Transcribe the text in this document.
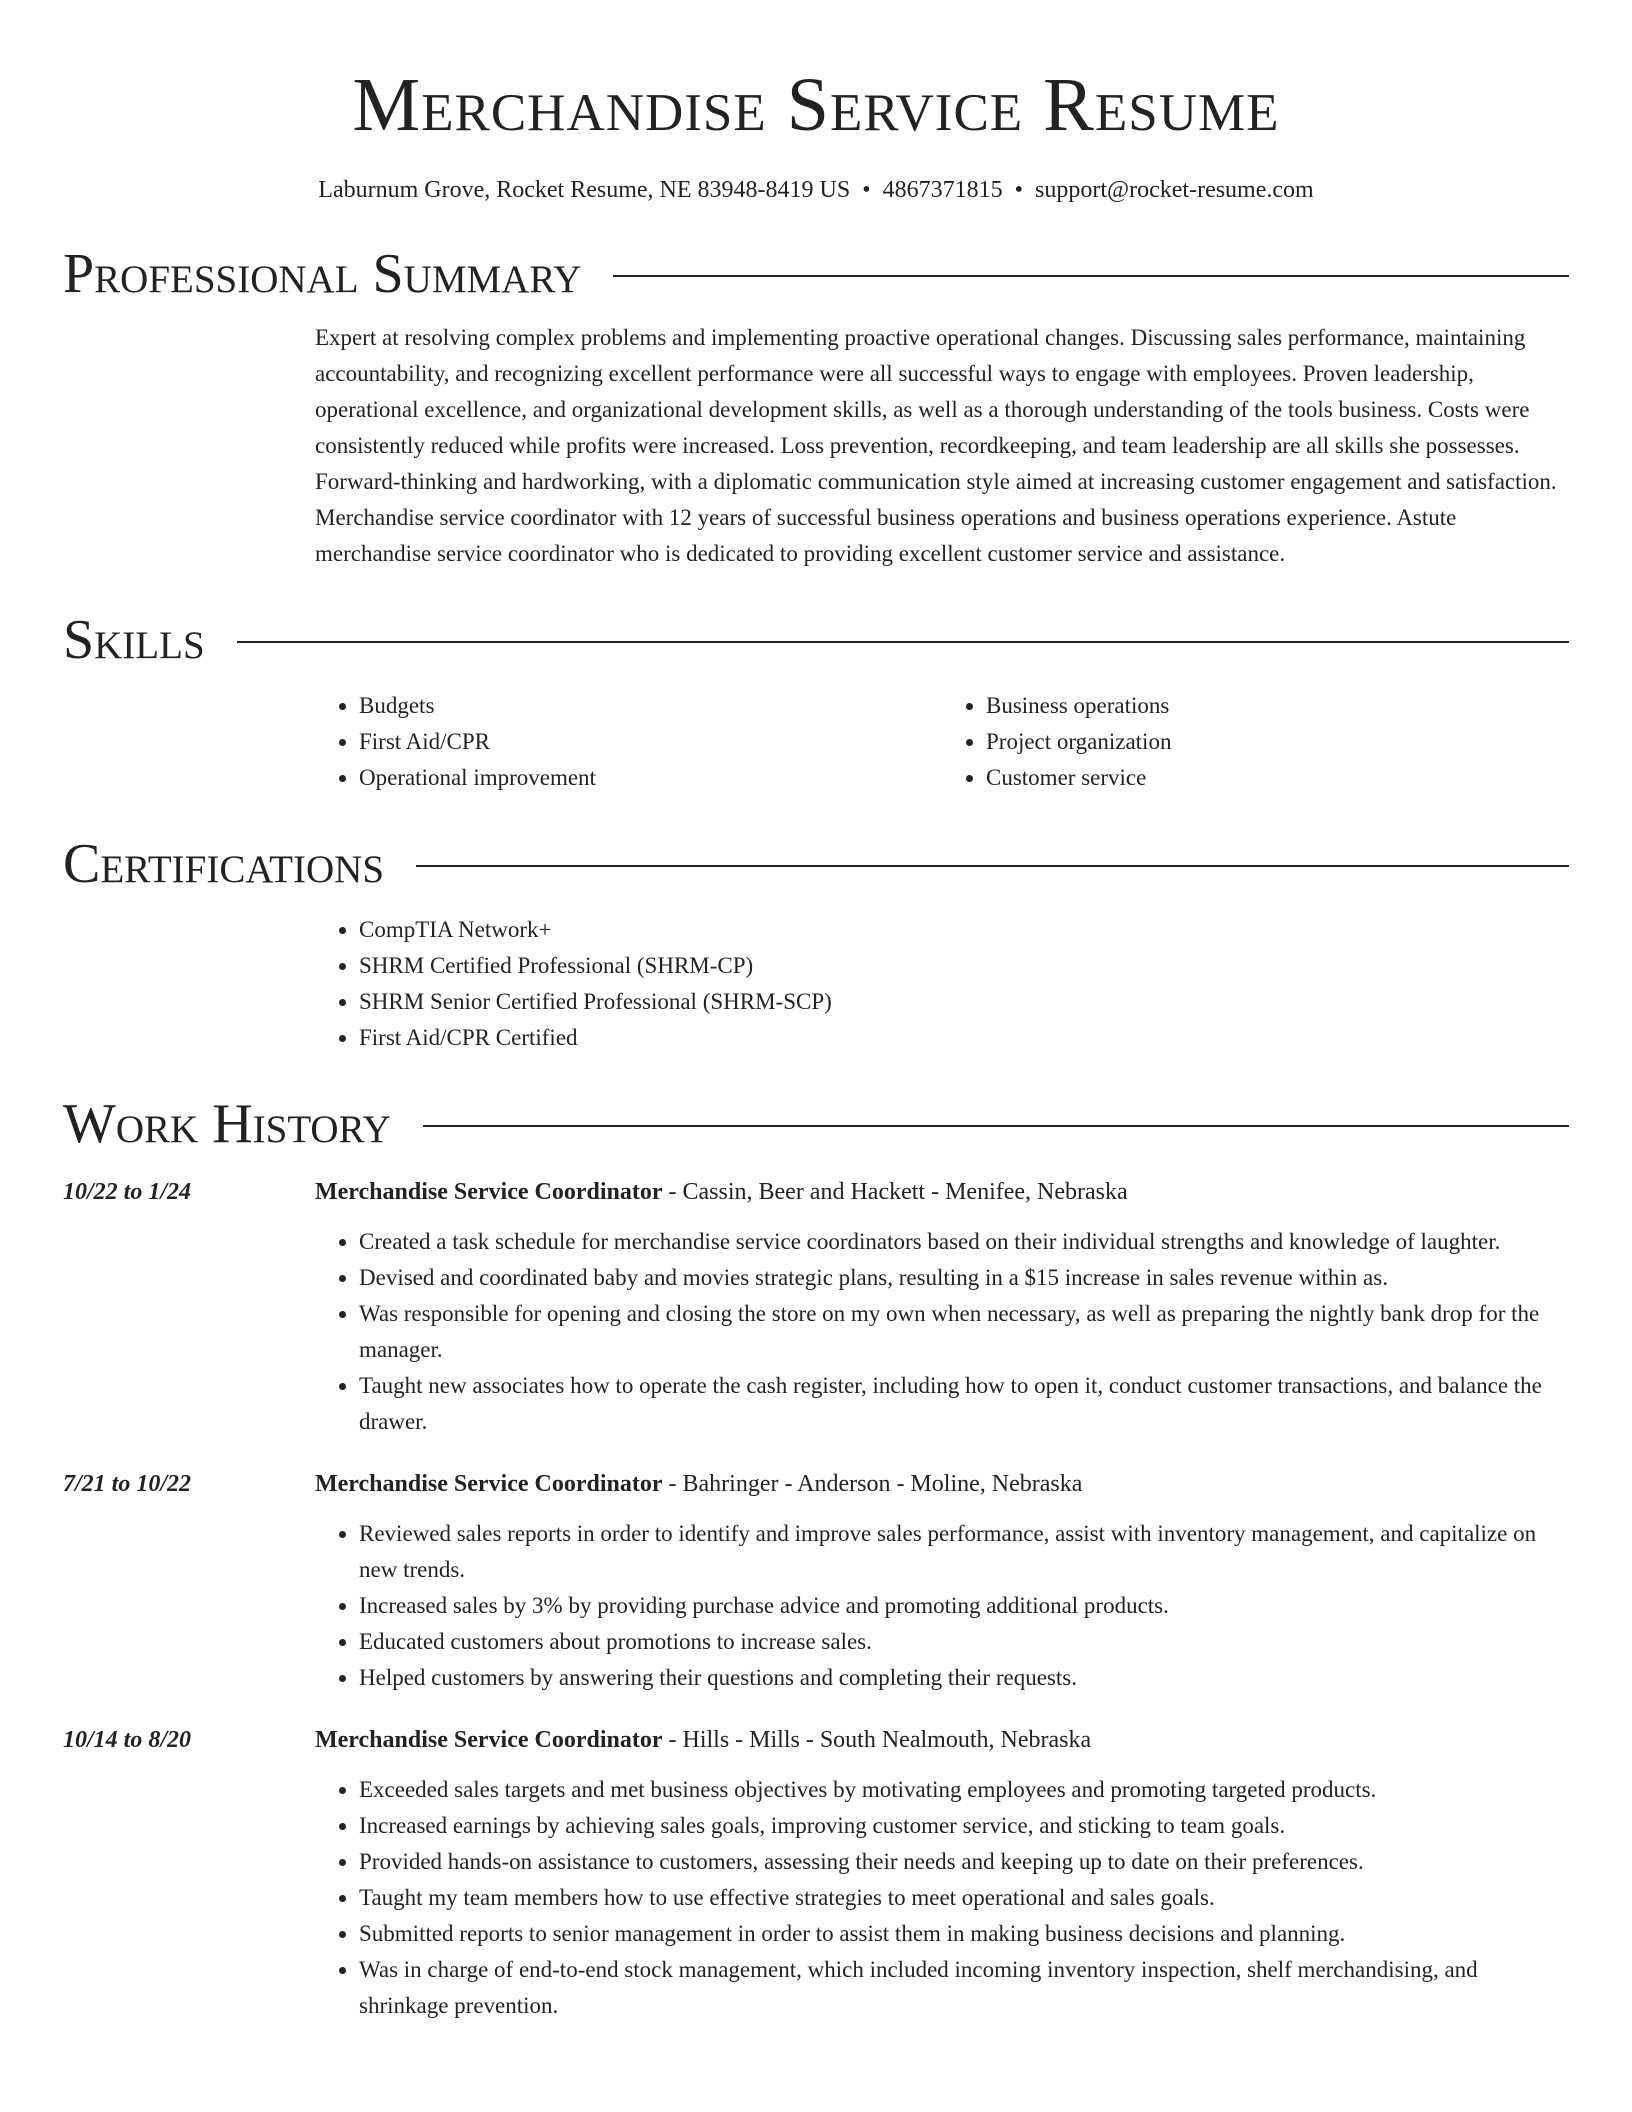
Merchandise Service Resume
Laburnum Grove, Rocket Resume, NE 83948-8419 US • 4867371815 • support@rocket-resume.com
Professional Summary
Expert at resolving complex problems and implementing proactive operational changes. Discussing sales performance, maintaining accountability, and recognizing excellent performance were all successful ways to engage with employees. Proven leadership, operational excellence, and organizational development skills, as well as a thorough understanding of the tools business. Costs were consistently reduced while profits were increased. Loss prevention, recordkeeping, and team leadership are all skills she possesses. Forward-thinking and hardworking, with a diplomatic communication style aimed at increasing customer engagement and satisfaction. Merchandise service coordinator with 12 years of successful business operations and business operations experience. Astute merchandise service coordinator who is dedicated to providing excellent customer service and assistance.
Skills
• Budgets
• First Aid/CPR
• Operational improvement
• Business operations
• Project organization
• Customer service
Certifications
• CompTIA Network+
• SHRM Certified Professional (SHRM-CP)
• SHRM Senior Certified Professional (SHRM-SCP)
• First Aid/CPR Certified
Work History
10/22 to 1/24	Merchandise Service Coordinator - Cassin, Beer and Hackett - Menifee, Nebraska
• Created a task schedule for merchandise service coordinators based on their individual strengths and knowledge of laughter.
• Devised and coordinated baby and movies strategic plans, resulting in a $15 increase in sales revenue within as.
• Was responsible for opening and closing the store on my own when necessary, as well as preparing the nightly bank drop for the manager.
• Taught new associates how to operate the cash register, including how to open it, conduct customer transactions, and balance the drawer.
7/21 to 10/22	Merchandise Service Coordinator - Bahringer - Anderson - Moline, Nebraska
• Reviewed sales reports in order to identify and improve sales performance, assist with inventory management, and capitalize on new trends.
• Increased sales by 3% by providing purchase advice and promoting additional products.
• Educated customers about promotions to increase sales.
• Helped customers by answering their questions and completing their requests.
10/14 to 8/20	Merchandise Service Coordinator - Hills - Mills - South Nealmouth, Nebraska
• Exceeded sales targets and met business objectives by motivating employees and promoting targeted products.
• Increased earnings by achieving sales goals, improving customer service, and sticking to team goals.
• Provided hands-on assistance to customers, assessing their needs and keeping up to date on their preferences.
• Taught my team members how to use effective strategies to meet operational and sales goals.
• Submitted reports to senior management in order to assist them in making business decisions and planning.
• Was in charge of end-to-end stock management, which included incoming inventory inspection, shelf merchandising, and shrinkage prevention.
